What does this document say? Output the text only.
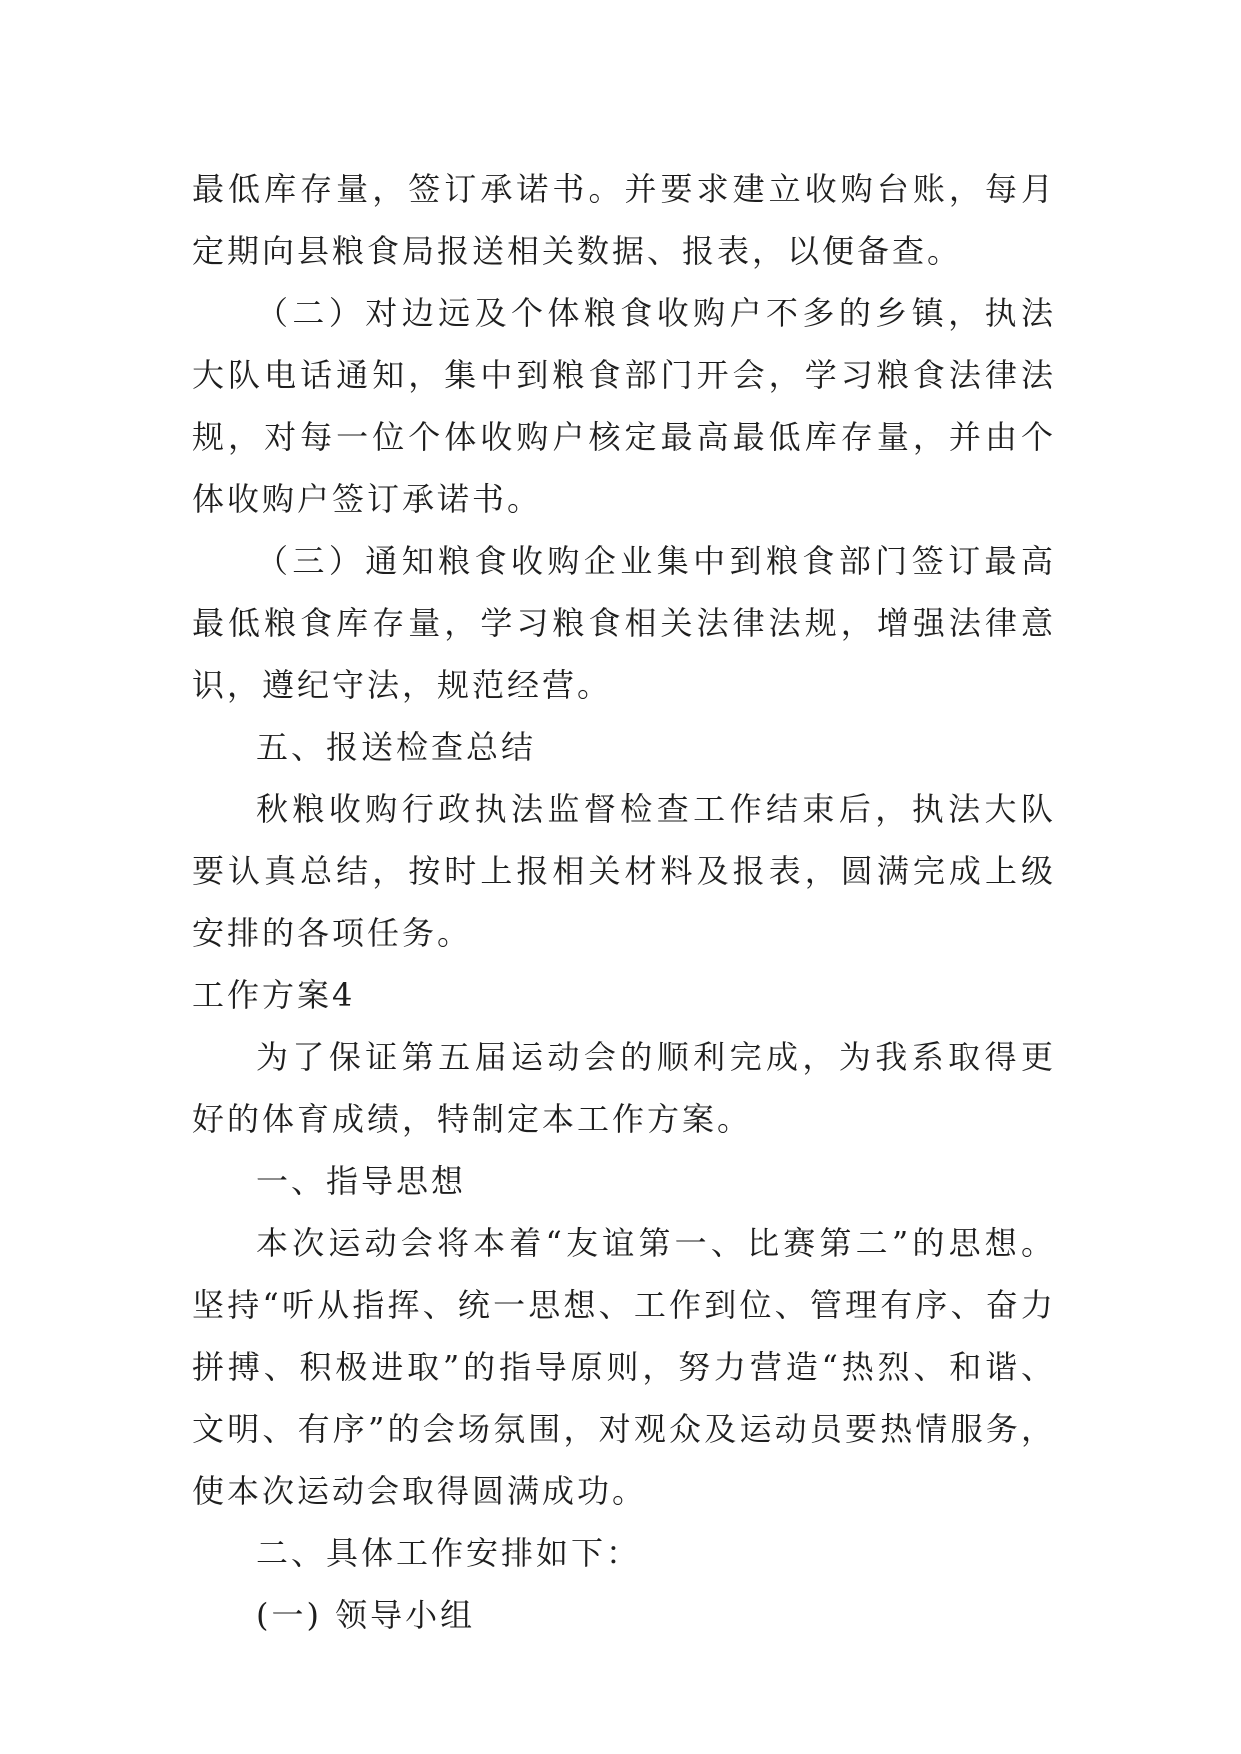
最低库存量，签订承诺书。并要求建立收购台账，每月定期向县粮食局报送相关数据、报表，以便备查。

（二）对边远及个体粮食收购户不多的乡镇，执法大队电话通知，集中到粮食部门开会，学习粮食法律法规，对每一位个体收购户核定最高最低库存量，并由个体收购户签订承诺书。

（三）通知粮食收购企业集中到粮食部门签订最高最低粮食库存量，学习粮食相关法律法规，增强法律意识，遵纪守法，规范经营。

五、报送检查总结

秋粮收购行政执法监督检查工作结束后，执法大队要认真总结，按时上报相关材料及报表，圆满完成上级安排的各项任务。

工作方案4

为了保证第五届运动会的顺利完成，为我系取得更好的体育成绩，特制定本工作方案。

一、指导思想

本次运动会将本着“友谊第一、比赛第二”的思想。坚持“听从指挥、统一思想、工作到位、管理有序、奋力拼搏、积极进取”的指导原则，努力营造“热烈、和谐、文明、有序”的会场氛围，对观众及运动员要热情服务，使本次运动会取得圆满成功。

二、具体工作安排如下：

(一) 领导小组
